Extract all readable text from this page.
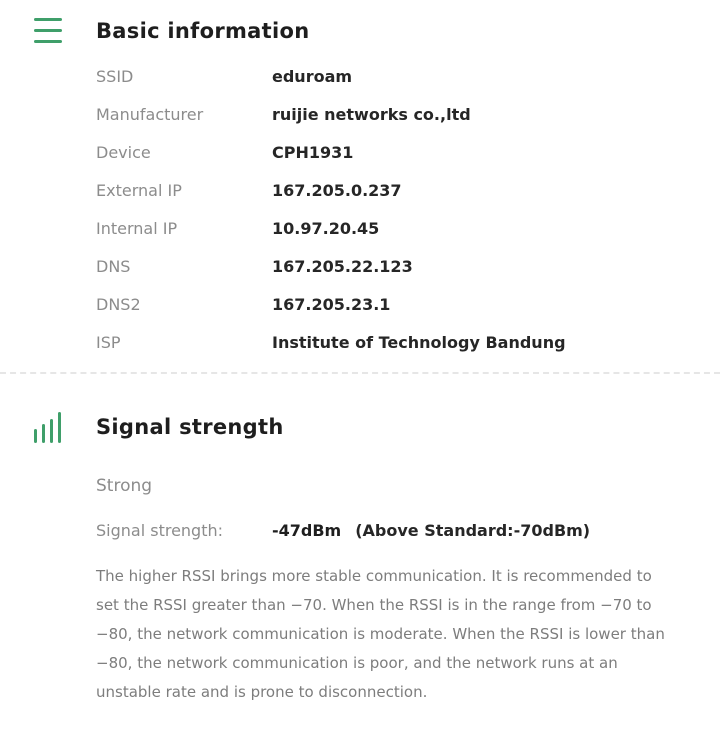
Basic information
SSID	eduroam
Manufacturer	ruijie networks co.,ltd
Device	CPH1931
External IP	167.205.0.237
Internal IP	10.97.20.45
DNS	167.205.22.123
DNS2	167.205.23.1
ISP	Institute of Technology Bandung
Signal strength
Strong
Signal strength:	-47dBm (Above Standard:-70dBm)
The higher RSSI brings more stable communication. It is recommended to set the RSSI greater than −70. When the RSSI is in the range from −70 to −80, the network communication is moderate. When the RSSI is lower than −80, the network communication is poor, and the network runs at an unstable rate and is prone to disconnection.
